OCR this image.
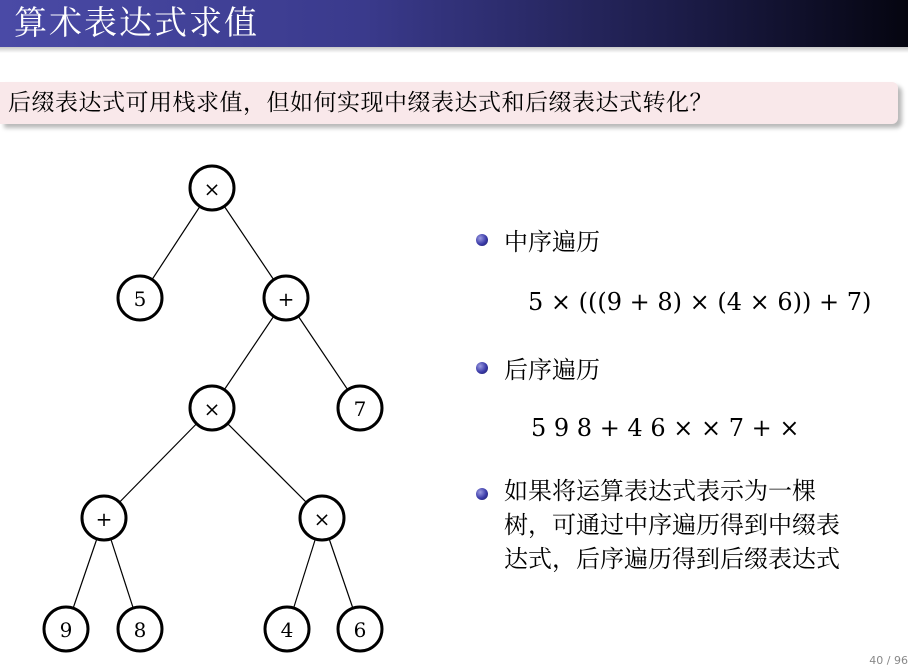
算术表达式求值
后缀表达式可用栈求值，但如何实现中缀表达式和后缀表达式转化？
×
5	+
×	7
+	×
9	8	4	6
中序遍历
5 × (((9 + 8) × (4 × 6)) + 7)
后序遍历
5 9 8 + 4 6 × × 7 + ×
如果将运算表达式表示为一棵
树，可通过中序遍历得到中缀表
达式，后序遍历得到后缀表达式
40 / 96
